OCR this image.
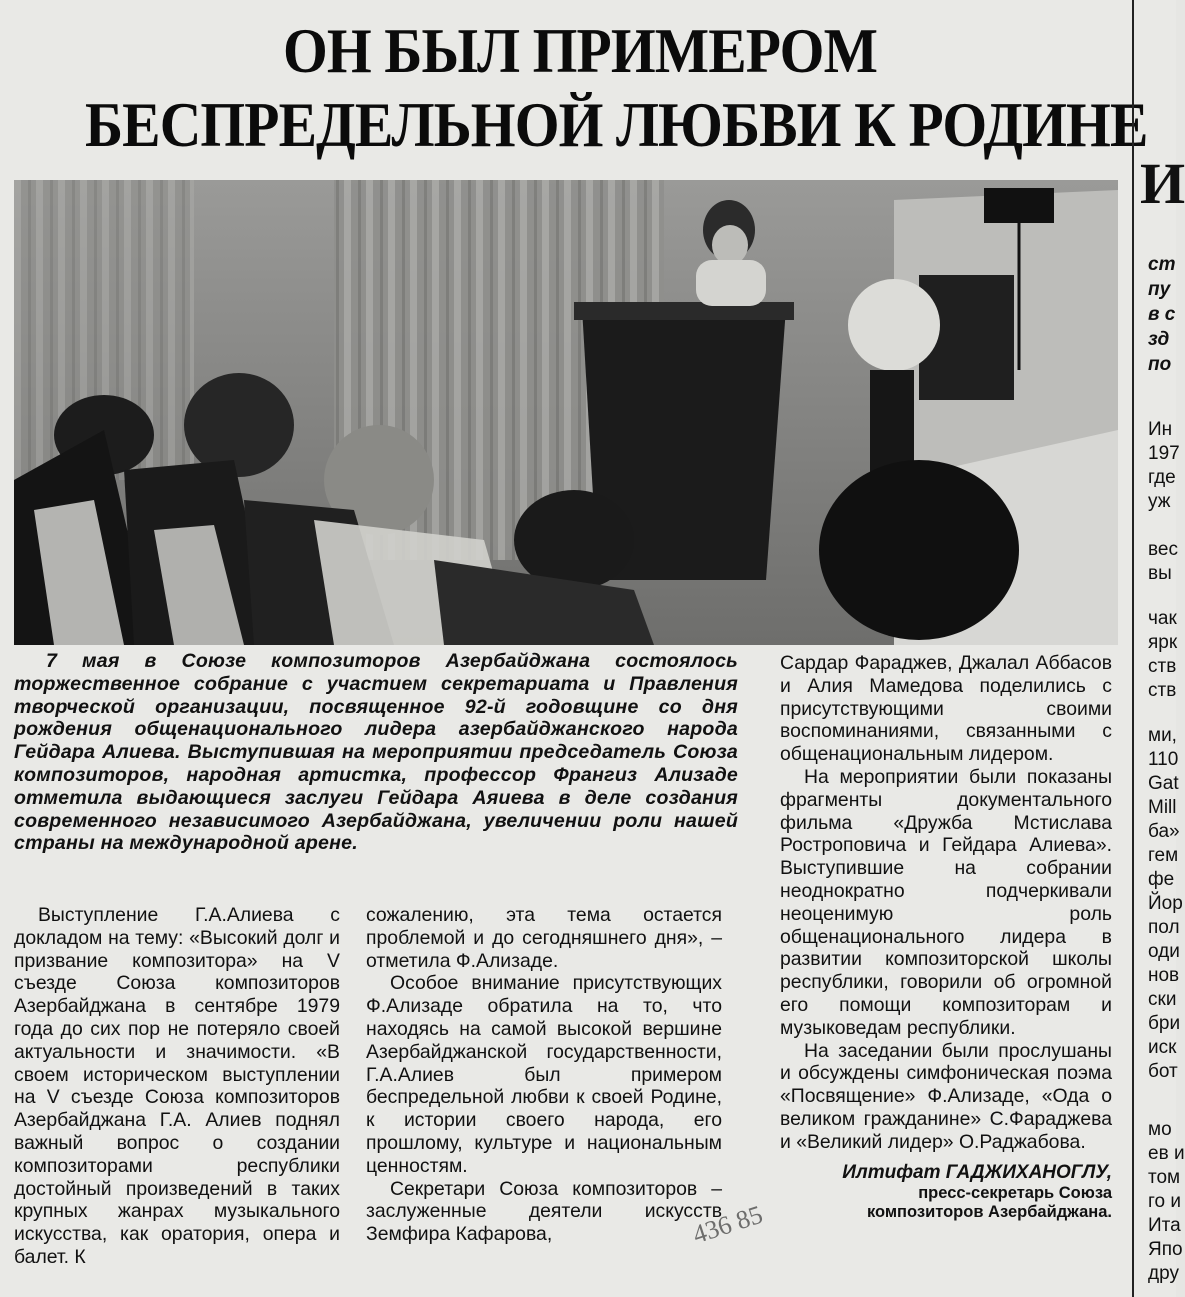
ОН БЫЛ ПРИМЕРОМ
БЕСПРЕДЕЛЬНОЙ ЛЮБВИ К РОДИНЕ
7 мая в Союзе композиторов Азербайджана состоялось торжественное собрание с участием секретариата и Правления творческой организации, посвященное 92-й годовщине со дня рождения общенационального лидера азербайджанского народа Гейдара Алиева. Выступившая на мероприятии председатель Союза композиторов, народная артистка, профессор Франгиз Ализаде отметила выдающиеся заслуги Гейдара Аяиева в деле создания современного независимого Азербайджана, увеличении роли нашей страны на международной арене.

Выступление Г.А.Алиева с докладом на тему: «Высокий долг и призвание композитора» на V съезде Союза композиторов Азербайджана в сентябре 1979 года до сих пор не потеряло своей актуальности и значимости. «В своем историческом выступлении на V съезде Союза композиторов Азербайджана Г.А. Алиев поднял важный вопрос о создании композиторами республики достойный произведений в таких крупных жанрах музыкального искусства, как оратория, опера и балет. К

сожалению, эта тема остается проблемой и до сегодняшнего дня», – отметила Ф.Ализаде.

Особое внимание присутствующих Ф.Ализаде обратила на то, что находясь на самой высокой вершине Азербайджанской государственности, Г.А.Алиев был примером беспредельной любви к своей Родине, к истории своего народа, его прошлому, культуре и национальным ценностям.

Секретари Союза композиторов – заслуженные деятели искусств Земфира Кафарова,

Сардар Фараджев, Джалал Аббасов и Алия Мамедова поделились с присутствующими своими воспоминаниями, связанными с общенациональным лидером.

На мероприятии были показаны фрагменты документального фильма «Дружба Мстислава Ростроповича и Гейдара Алиева». Выступившие на собрании неоднократно подчеркивали неоценимую роль общенационального лидера в развитии композиторской школы республики, говорили об огромной его помощи композиторам и музыковедам республики.

На заседании были прослушаны и обсуждены симфоническая поэма «Посвящение» Ф.Ализаде, «Ода о великом гражданине» С.Фараджева и «Великий лидер» О.Раджабова.

Илтифат ГАДЖИХАНОГЛУ,
пресс-секретарь Союза
композиторов Азербайджана.
436 85
И
ст
пу
в с
зд
по
Ин
197
где
уж
вес
вы
чак
ярк
ств
ств
ми,
110
Gat
Mill
ба»
гем
фе
Йор
пол
оди
нов
ски
бри
иск
бот
мо
ев и
том
го и
Ита
Япо
дру
